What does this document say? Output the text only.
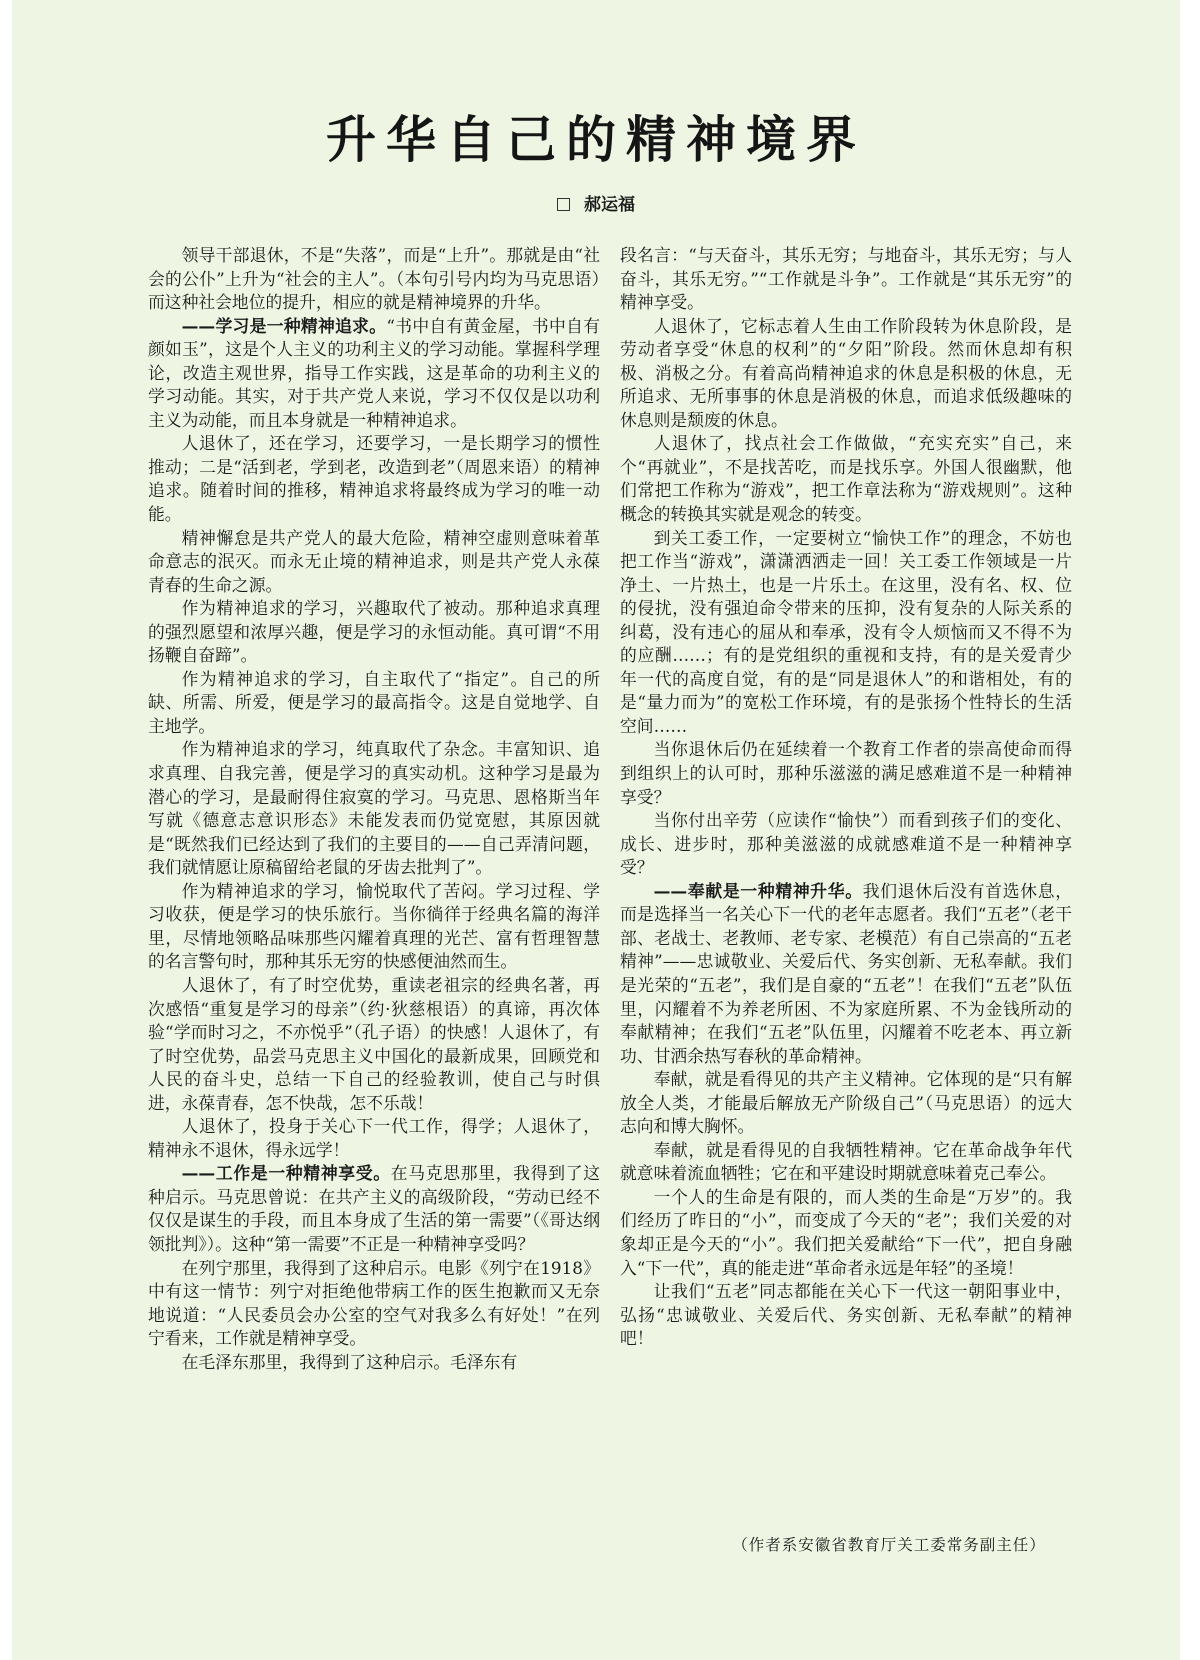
升华自己的精神境界
郝运福

领导干部退休，不是“失落”，而是“上升”。那就是由“社会的公仆”上升为“社会的主人”。（本句引号内均为马克思语）而这种社会地位的提升，相应的就是精神境界的升华。

——学习是一种精神追求。“书中自有黄金屋，书中自有颜如玉”，这是个人主义的功利主义的学习动能。掌握科学理论，改造主观世界，指导工作实践，这是革命的功利主义的学习动能。其实，对于共产党人来说，学习不仅仅是以功利主义为动能，而且本身就是一种精神追求。

人退休了，还在学习，还要学习，一是长期学习的惯性推动；二是“活到老，学到老，改造到老”（周恩来语）的精神追求。随着时间的推移，精神追求将最终成为学习的唯一动能。

精神懈怠是共产党人的最大危险，精神空虚则意味着革命意志的泯灭。而永无止境的精神追求，则是共产党人永葆青春的生命之源。

作为精神追求的学习，兴趣取代了被动。那种追求真理的强烈愿望和浓厚兴趣，便是学习的永恒动能。真可谓“不用扬鞭自奋蹄”。

作为精神追求的学习，自主取代了“指定”。自己的所缺、所需、所爱，便是学习的最高指令。这是自觉地学、自主地学。

作为精神追求的学习，纯真取代了杂念。丰富知识、追求真理、自我完善，便是学习的真实动机。这种学习是最为潜心的学习，是最耐得住寂寞的学习。马克思、恩格斯当年写就《德意志意识形态》未能发表而仍觉宽慰，其原因就是“既然我们已经达到了我们的主要目的——自己弄清问题，我们就情愿让原稿留给老鼠的牙齿去批判了”。

作为精神追求的学习，愉悦取代了苦闷。学习过程、学习收获，便是学习的快乐旅行。当你徜徉于经典名篇的海洋里，尽情地领略品味那些闪耀着真理的光芒、富有哲理智慧的名言警句时，那种其乐无穷的快感便油然而生。

人退休了，有了时空优势，重读老祖宗的经典名著，再次感悟“重复是学习的母亲”（约·狄慈根语）的真谛，再次体验“学而时习之，不亦悦乎”（孔子语）的快感！人退休了，有了时空优势，品尝马克思主义中国化的最新成果，回顾党和人民的奋斗史，总结一下自己的经验教训，使自己与时俱进，永葆青春，怎不快哉，怎不乐哉！

人退休了，投身于关心下一代工作，得学；人退休了，精神永不退休，得永远学！

——工作是一种精神享受。在马克思那里，我得到了这种启示。马克思曾说：在共产主义的高级阶段，“劳动已经不仅仅是谋生的手段，而且本身成了生活的第一需要”（《哥达纲领批判》）。这种“第一需要”不正是一种精神享受吗？

在列宁那里，我得到了这种启示。电影《列宁在1918》中有这一情节：列宁对拒绝他带病工作的医生抱歉而又无奈地说道：“人民委员会办公室的空气对我多么有好处！”在列宁看来，工作就是精神享受。

在毛泽东那里，我得到了这种启示。毛泽东有

段名言：“与天奋斗，其乐无穷；与地奋斗，其乐无穷；与人奋斗，其乐无穷。”“工作就是斗争”。工作就是“其乐无穷”的精神享受。

人退休了，它标志着人生由工作阶段转为休息阶段，是劳动者享受“休息的权利”的“夕阳”阶段。然而休息却有积极、消极之分。有着高尚精神追求的休息是积极的休息，无所追求、无所事事的休息是消极的休息，而追求低级趣味的休息则是颓废的休息。

人退休了，找点社会工作做做，“充实充实”自己，来个“再就业”，不是找苦吃，而是找乐享。外国人很幽默，他们常把工作称为“游戏”，把工作章法称为“游戏规则”。这种概念的转换其实就是观念的转变。

到关工委工作，一定要树立“愉快工作”的理念，不妨也把工作当“游戏”，潇潇洒洒走一回！关工委工作领域是一片净土、一片热土，也是一片乐土。在这里，没有名、权、位的侵扰，没有强迫命令带来的压抑，没有复杂的人际关系的纠葛，没有违心的屈从和奉承，没有令人烦恼而又不得不为的应酬……；有的是党组织的重视和支持，有的是关爱青少年一代的高度自觉，有的是“同是退休人”的和谐相处，有的是“量力而为”的宽松工作环境，有的是张扬个性特长的生活空间……

当你退休后仍在延续着一个教育工作者的崇高使命而得到组织上的认可时，那种乐滋滋的满足感难道不是一种精神享受？

当你付出辛劳（应读作“愉快”）而看到孩子们的变化、成长、进步时，那种美滋滋的成就感难道不是一种精神享受？

——奉献是一种精神升华。我们退休后没有首选休息，而是选择当一名关心下一代的老年志愿者。我们“五老”（老干部、老战士、老教师、老专家、老模范）有自己崇高的“五老精神”——忠诚敬业、关爱后代、务实创新、无私奉献。我们是光荣的“五老”，我们是自豪的“五老”！在我们“五老”队伍里，闪耀着不为养老所困、不为家庭所累、不为金钱所动的奉献精神；在我们“五老”队伍里，闪耀着不吃老本、再立新功、甘洒余热写春秋的革命精神。

奉献，就是看得见的共产主义精神。它体现的是“只有解放全人类，才能最后解放无产阶级自己”（马克思语）的远大志向和博大胸怀。

奉献，就是看得见的自我牺牲精神。它在革命战争年代就意味着流血牺牲；它在和平建设时期就意味着克己奉公。

一个人的生命是有限的，而人类的生命是“万岁”的。我们经历了昨日的“小”，而变成了今天的“老”；我们关爱的对象却正是今天的“小”。我们把关爱献给“下一代”，把自身融入“下一代”，真的能走进“革命者永远是年轻”的圣境！

让我们“五老”同志都能在关心下一代这一朝阳事业中，弘扬“忠诚敬业、关爱后代、务实创新、无私奉献”的精神吧！

（作者系安徽省教育厅关工委常务副主任）
